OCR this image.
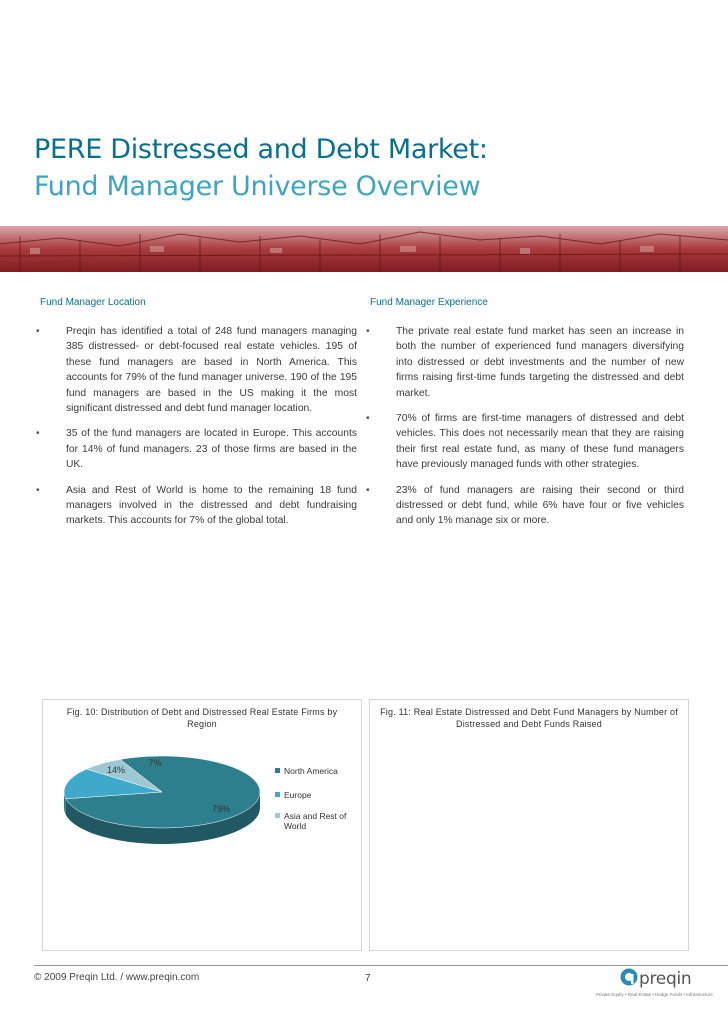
PERE Distressed and Debt Market:
Fund Manager Universe Overview
Fund Manager Location	Fund Manager Experience
• Preqin has identified a total of 248 fund managers managing 385 distressed- or debt-focused real estate vehicles. 195 of these fund managers are based in North America. This accounts for 79% of the fund manager universe. 190 of the 195 fund managers are based in the US making it the most significant distressed and debt fund manager location.
• 35 of the fund managers are located in Europe. This accounts for 14% of fund managers. 23 of those firms are based in the UK.
• Asia and Rest of World is home to the remaining 18 fund managers involved in the distressed and debt fundraising markets. This accounts for 7% of the global total.
• The private real estate fund market has seen an increase in both the number of experienced fund managers diversifying into distressed or debt investments and the number of new firms raising first-time funds targeting the distressed and debt market.
• 70% of firms are first-time managers of distressed and debt vehicles. This does not necessarily mean that they are raising their first real estate fund, as many of these fund managers have previously managed funds with other strategies.
• 23% of fund managers are raising their second or third distressed or debt fund, while 6% have four or five vehicles and only 1% manage six or more.
Fig. 10: Distribution of Debt and Distressed Real Estate Firms by Region
79%
14%
7%
North America
Europe
Asia and Rest of
World
Fig. 11: Real Estate Distressed and Debt Fund Managers by Number of Distressed and Debt Funds Raised
© 2009 Preqin Ltd. / www.preqin.com	7	preqin
Private Equity • Real Estate • Hedge Funds • Infrastructure
